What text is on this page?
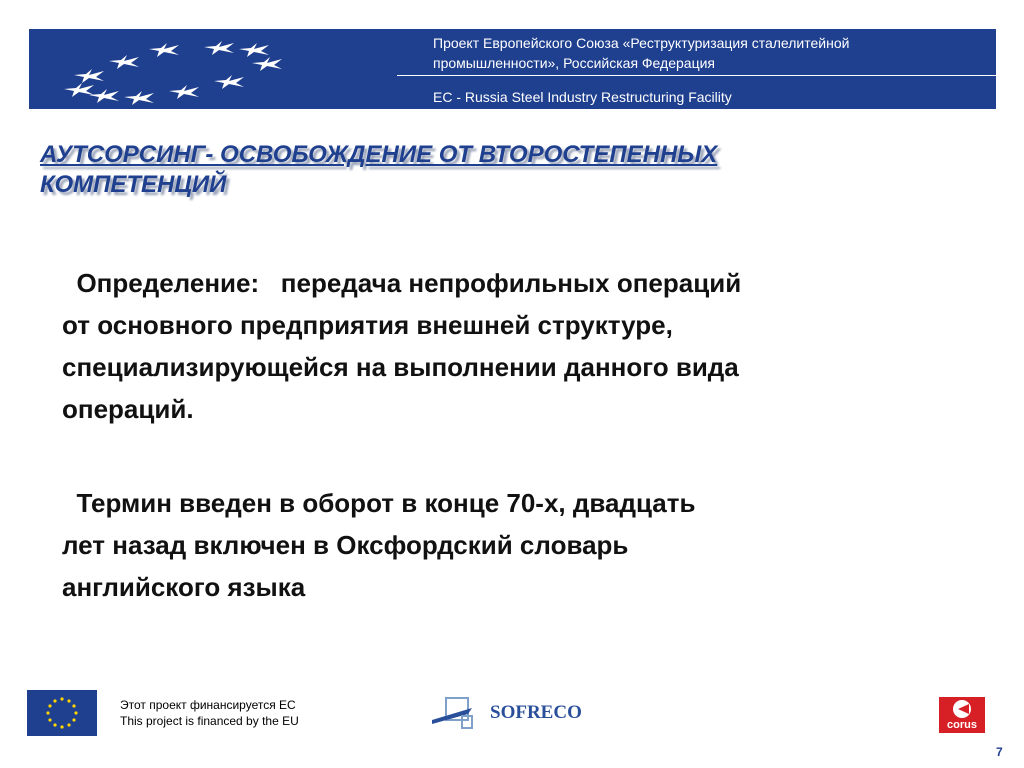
Проект Европейского Союза «Реструктуризация сталелитейной
промышленности», Российская Федерация
EC - Russia Steel Industry Restructuring Facility
АУТСОРСИНГ- ОСВОБОЖДЕНИЕ ОТ ВТОРОСТЕПЕННЫХ
КОМПЕТЕНЦИЙ
Определение:   передача непрофильных операций
от основного предприятия внешней структуре,
специализирующейся на выполнении данного вида
операций.
Термин введен в оборот в конце 70-х, двадцать
лет назад включен в Оксфордский словарь
английского языка
Этот проект финансируется ЕС
This project is financed by the EU	SOFRECO
corus
7
